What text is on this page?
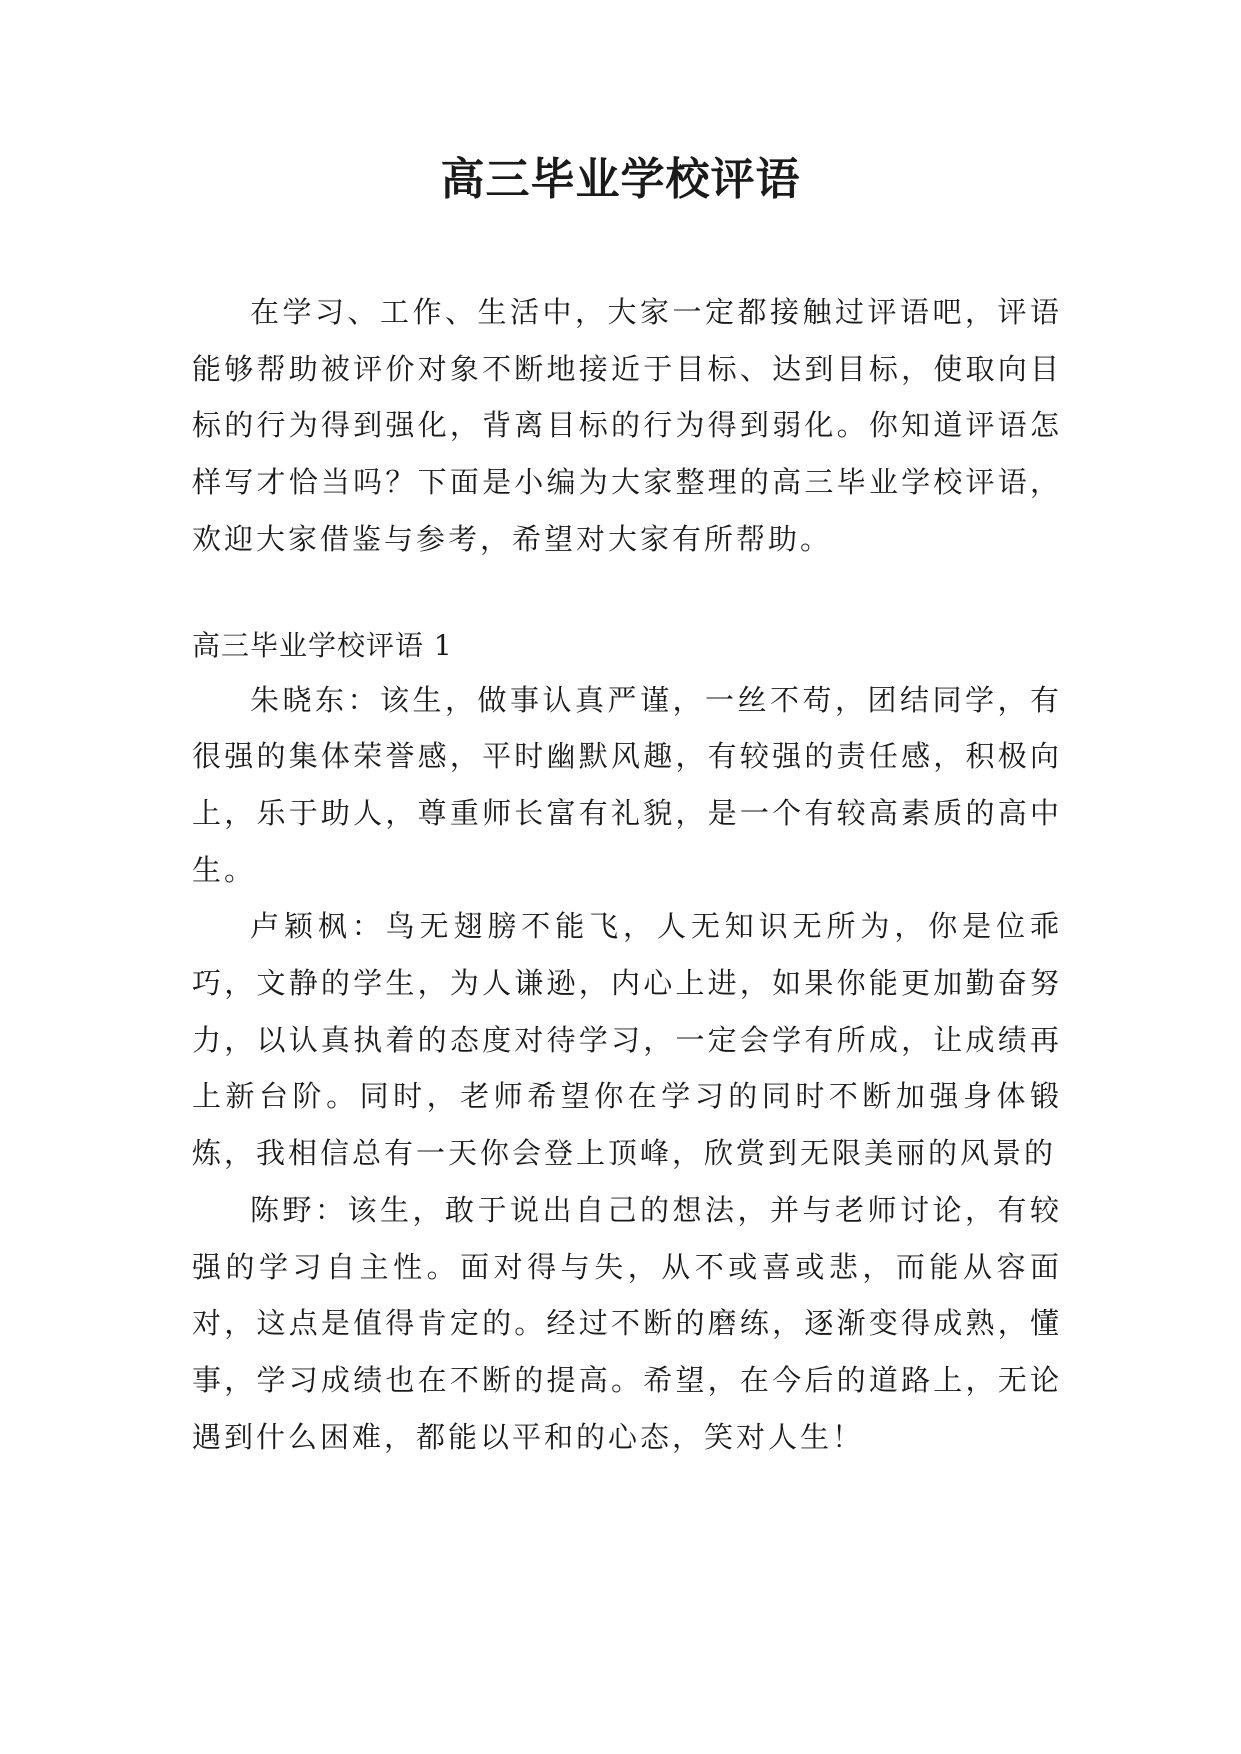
高三毕业学校评语

在学习、工作、生活中，大家一定都接触过评语吧，评语能够帮助被评价对象不断地接近于目标、达到目标，使取向目标的行为得到强化，背离目标的行为得到弱化。你知道评语怎样写才恰当吗？下面是小编为大家整理的高三毕业学校评语，欢迎大家借鉴与参考，希望对大家有所帮助。

高三毕业学校评语 1

朱晓东：该生，做事认真严谨，一丝不苟，团结同学，有很强的集体荣誉感，平时幽默风趣，有较强的责任感，积极向上，乐于助人，尊重师长富有礼貌，是一个有较高素质的高中生。

卢颖枫：鸟无翅膀不能飞，人无知识无所为，你是位乖巧，文静的学生，为人谦逊，内心上进，如果你能更加勤奋努力，以认真执着的态度对待学习，一定会学有所成，让成绩再上新台阶。同时，老师希望你在学习的同时不断加强身体锻炼，我相信总有一天你会登上顶峰，欣赏到无限美丽的风景的

陈野：该生，敢于说出自己的想法，并与老师讨论，有较强的学习自主性。面对得与失，从不或喜或悲，而能从容面对，这点是值得肯定的。经过不断的磨练，逐渐变得成熟，懂事，学习成绩也在不断的提高。希望，在今后的道路上，无论遇到什么困难，都能以平和的心态，笑对人生！
